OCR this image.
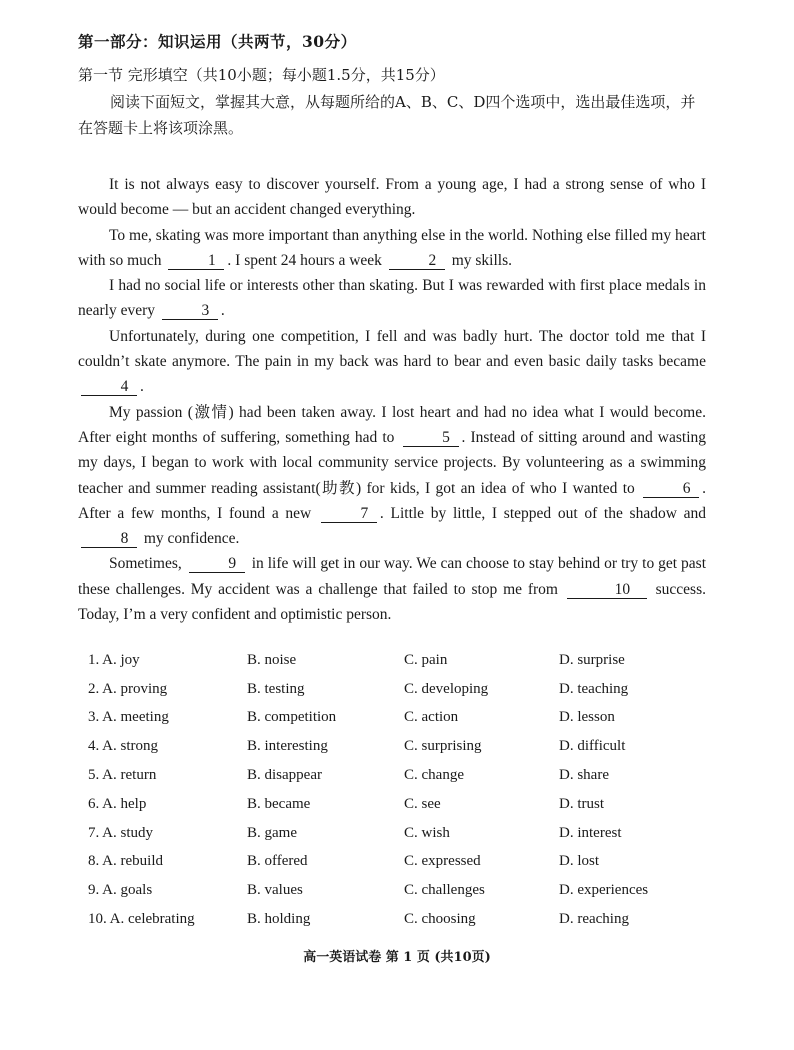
第一部分：知识运用（共两节，30分）
第一节 完形填空（共10小题；每小题1.5分，共15分）
阅读下面短文，掌握其大意，从每题所给的A、B、C、D四个选项中，选出最佳选项，并在答题卡上将该项涂黑。

It is not always easy to discover yourself. From a young age, I had a strong sense of who I would become — but an accident changed everything.

To me, skating was more important than anything else in the world. Nothing else filled my heart with so much	1 . I spent 24 hours a week	2 my skills.

I had no social life or interests other than skating. But I was rewarded with first place medals in nearly every	3 .

Unfortunately, during one competition, I fell and was badly hurt. The doctor told me that I couldn’t skate anymore. The pain in my back was hard to bear and even basic daily tasks became 4 .

My passion (激情) had been taken away. I lost heart and had no idea what I would become. After eight months of suffering, something had to	5 . Instead of sitting around and wasting my days, I began to work with local community service projects. By volunteering as a swimming teacher and summer reading assistant(助教) for kids, I got an idea of who I wanted to	6 . After a few months, I found a new	7 . Little by little, I stepped out of the shadow and 8 my confidence.

Sometimes,	9 in life will get in our way. We can choose to stay behind or try to get past these challenges. My accident was a challenge that failed to stop me from	10 success. Today, I’m a very confident and optimistic person.

1. A. joy	B. noise	C. pain	D. surprise
2. A. proving	B. testing	C. developing	D. teaching
3. A. meeting	B. competition	C. action	D. lesson
4. A. strong	B. interesting	C. surprising	D. difficult
5. A. return	B. disappear	C. change	D. share
6. A. help	B. became	C. see	D. trust
7. A. study	B. game	C. wish	D. interest
8. A. rebuild	B. offered	C. expressed	D. lost
9. A. goals	B. values	C. challenges	D. experiences
10. A. celebrating	B. holding	C. choosing	D. reaching
高一英语试卷 第 1 页 (共10页)
